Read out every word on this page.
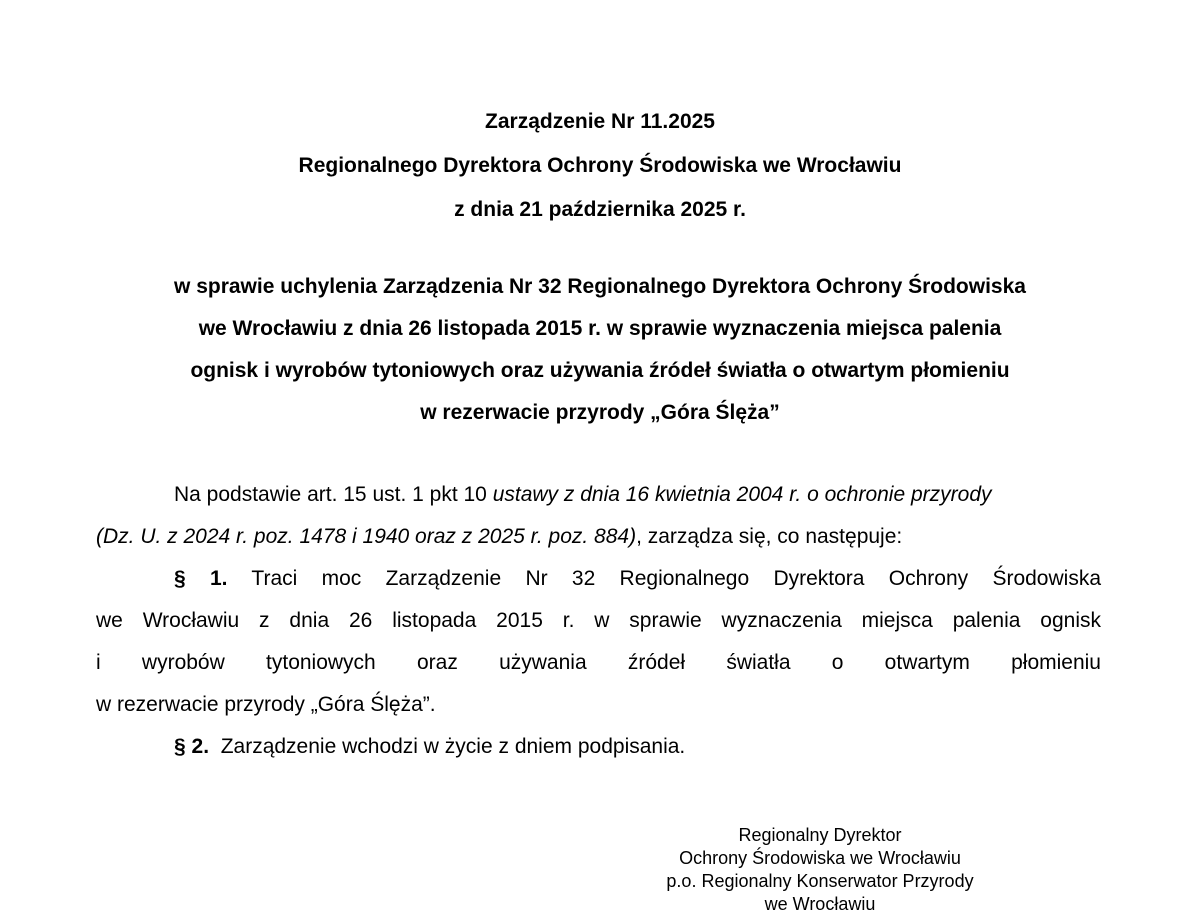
Zarządzenie Nr 11.2025
Regionalnego Dyrektora Ochrony Środowiska we Wrocławiu
z dnia 21 października 2025 r.
w sprawie uchylenia Zarządzenia Nr 32 Regionalnego Dyrektora Ochrony Środowiska
we Wrocławiu z dnia 26 listopada 2015 r. w sprawie wyznaczenia miejsca palenia
ognisk i wyrobów tytoniowych oraz używania źródeł światła o otwartym płomieniu
w rezerwacie przyrody „Góra Ślęża”
Na podstawie art. 15 ust. 1 pkt 10 ustawy z dnia 16 kwietnia 2004 r. o ochronie przyrody
(Dz. U. z 2024 r. poz. 1478 i 1940 oraz z 2025 r. poz. 884), zarządza się, co następuje:
§ 1. Traci moc Zarządzenie Nr 32 Regionalnego Dyrektora Ochrony Środowiska
we Wrocławiu z dnia 26 listopada 2015 r. w sprawie wyznaczenia miejsca palenia ognisk
i wyrobów tytoniowych oraz używania źródeł światła o otwartym płomieniu
w rezerwacie przyrody „Góra Ślęża”.
§ 2. Zarządzenie wchodzi w życie z dniem podpisania.
Regionalny Dyrektor
Ochrony Środowiska we Wrocławiu
p.o. Regionalny Konserwator Przyrody
we Wrocławiu
